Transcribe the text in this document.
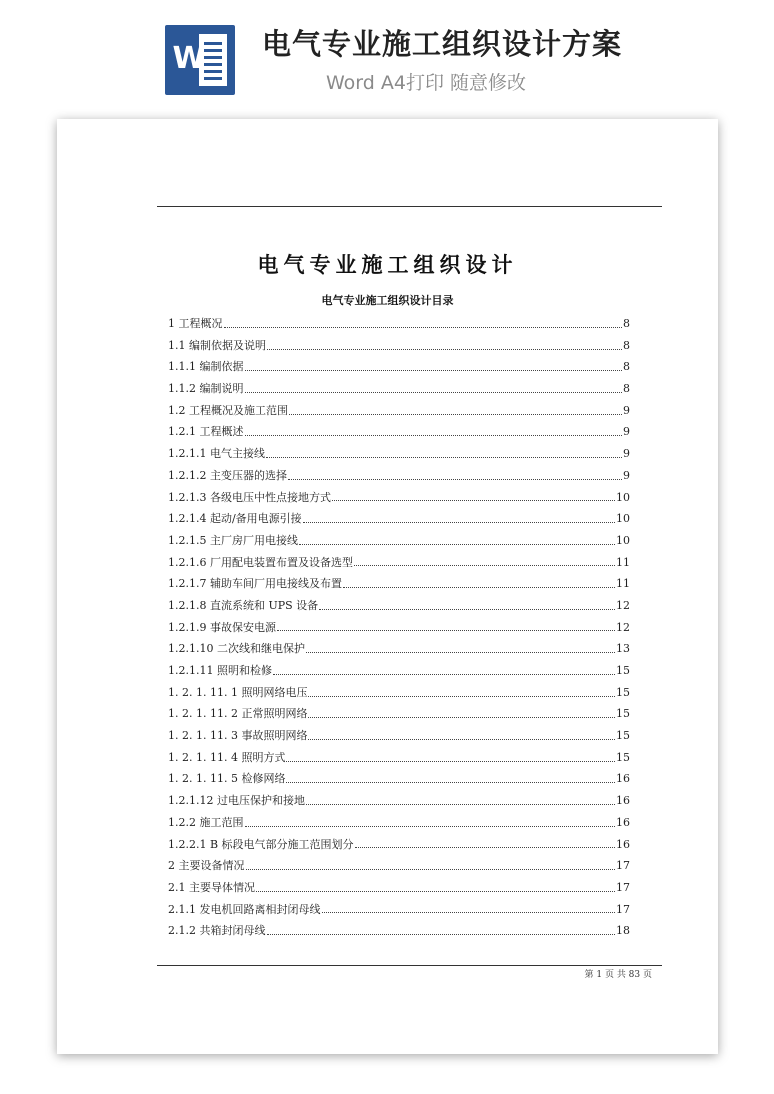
W 电气专业施工组织设计方案
Word A4打印 随意修改
电气专业施工组织设计
电气专业施工组织设计目录
1 工程概况	8
1.1 编制依据及说明	8
1.1.1 编制依据	8
1.1.2 编制说明	8
1.2 工程概况及施工范围	9
1.2.1 工程概述	9
1.2.1.1 电气主接线	9
1.2.1.2 主变压器的选择	9
1.2.1.3 各级电压中性点接地方式	10
1.2.1.4 起动/备用电源引接	10
1.2.1.5 主厂房厂用电接线	10
1.2.1.6 厂用配电装置布置及设备选型	11
1.2.1.7 辅助车间厂用电接线及布置	11
1.2.1.8 直流系统和 UPS 设备	12
1.2.1.9 事故保安电源	12
1.2.1.10 二次线和继电保护	13
1.2.1.11 照明和检修	15
1. 2. 1. 11. 1 照明网络电压	15
1. 2. 1. 11. 2 正常照明网络	15
1. 2. 1. 11. 3 事故照明网络	15
1. 2. 1. 11. 4 照明方式	15
1. 2. 1. 11. 5 检修网络	16
1.2.1.12 过电压保护和接地	16
1.2.2 施工范围	16
1.2.2.1 B 标段电气部分施工范围划分	16
2 主要设备情况	17
2.1 主要导体情况	17
2.1.1 发电机回路离相封闭母线	17
2.1.2 共箱封闭母线	18
第 1 页 共 83 页
